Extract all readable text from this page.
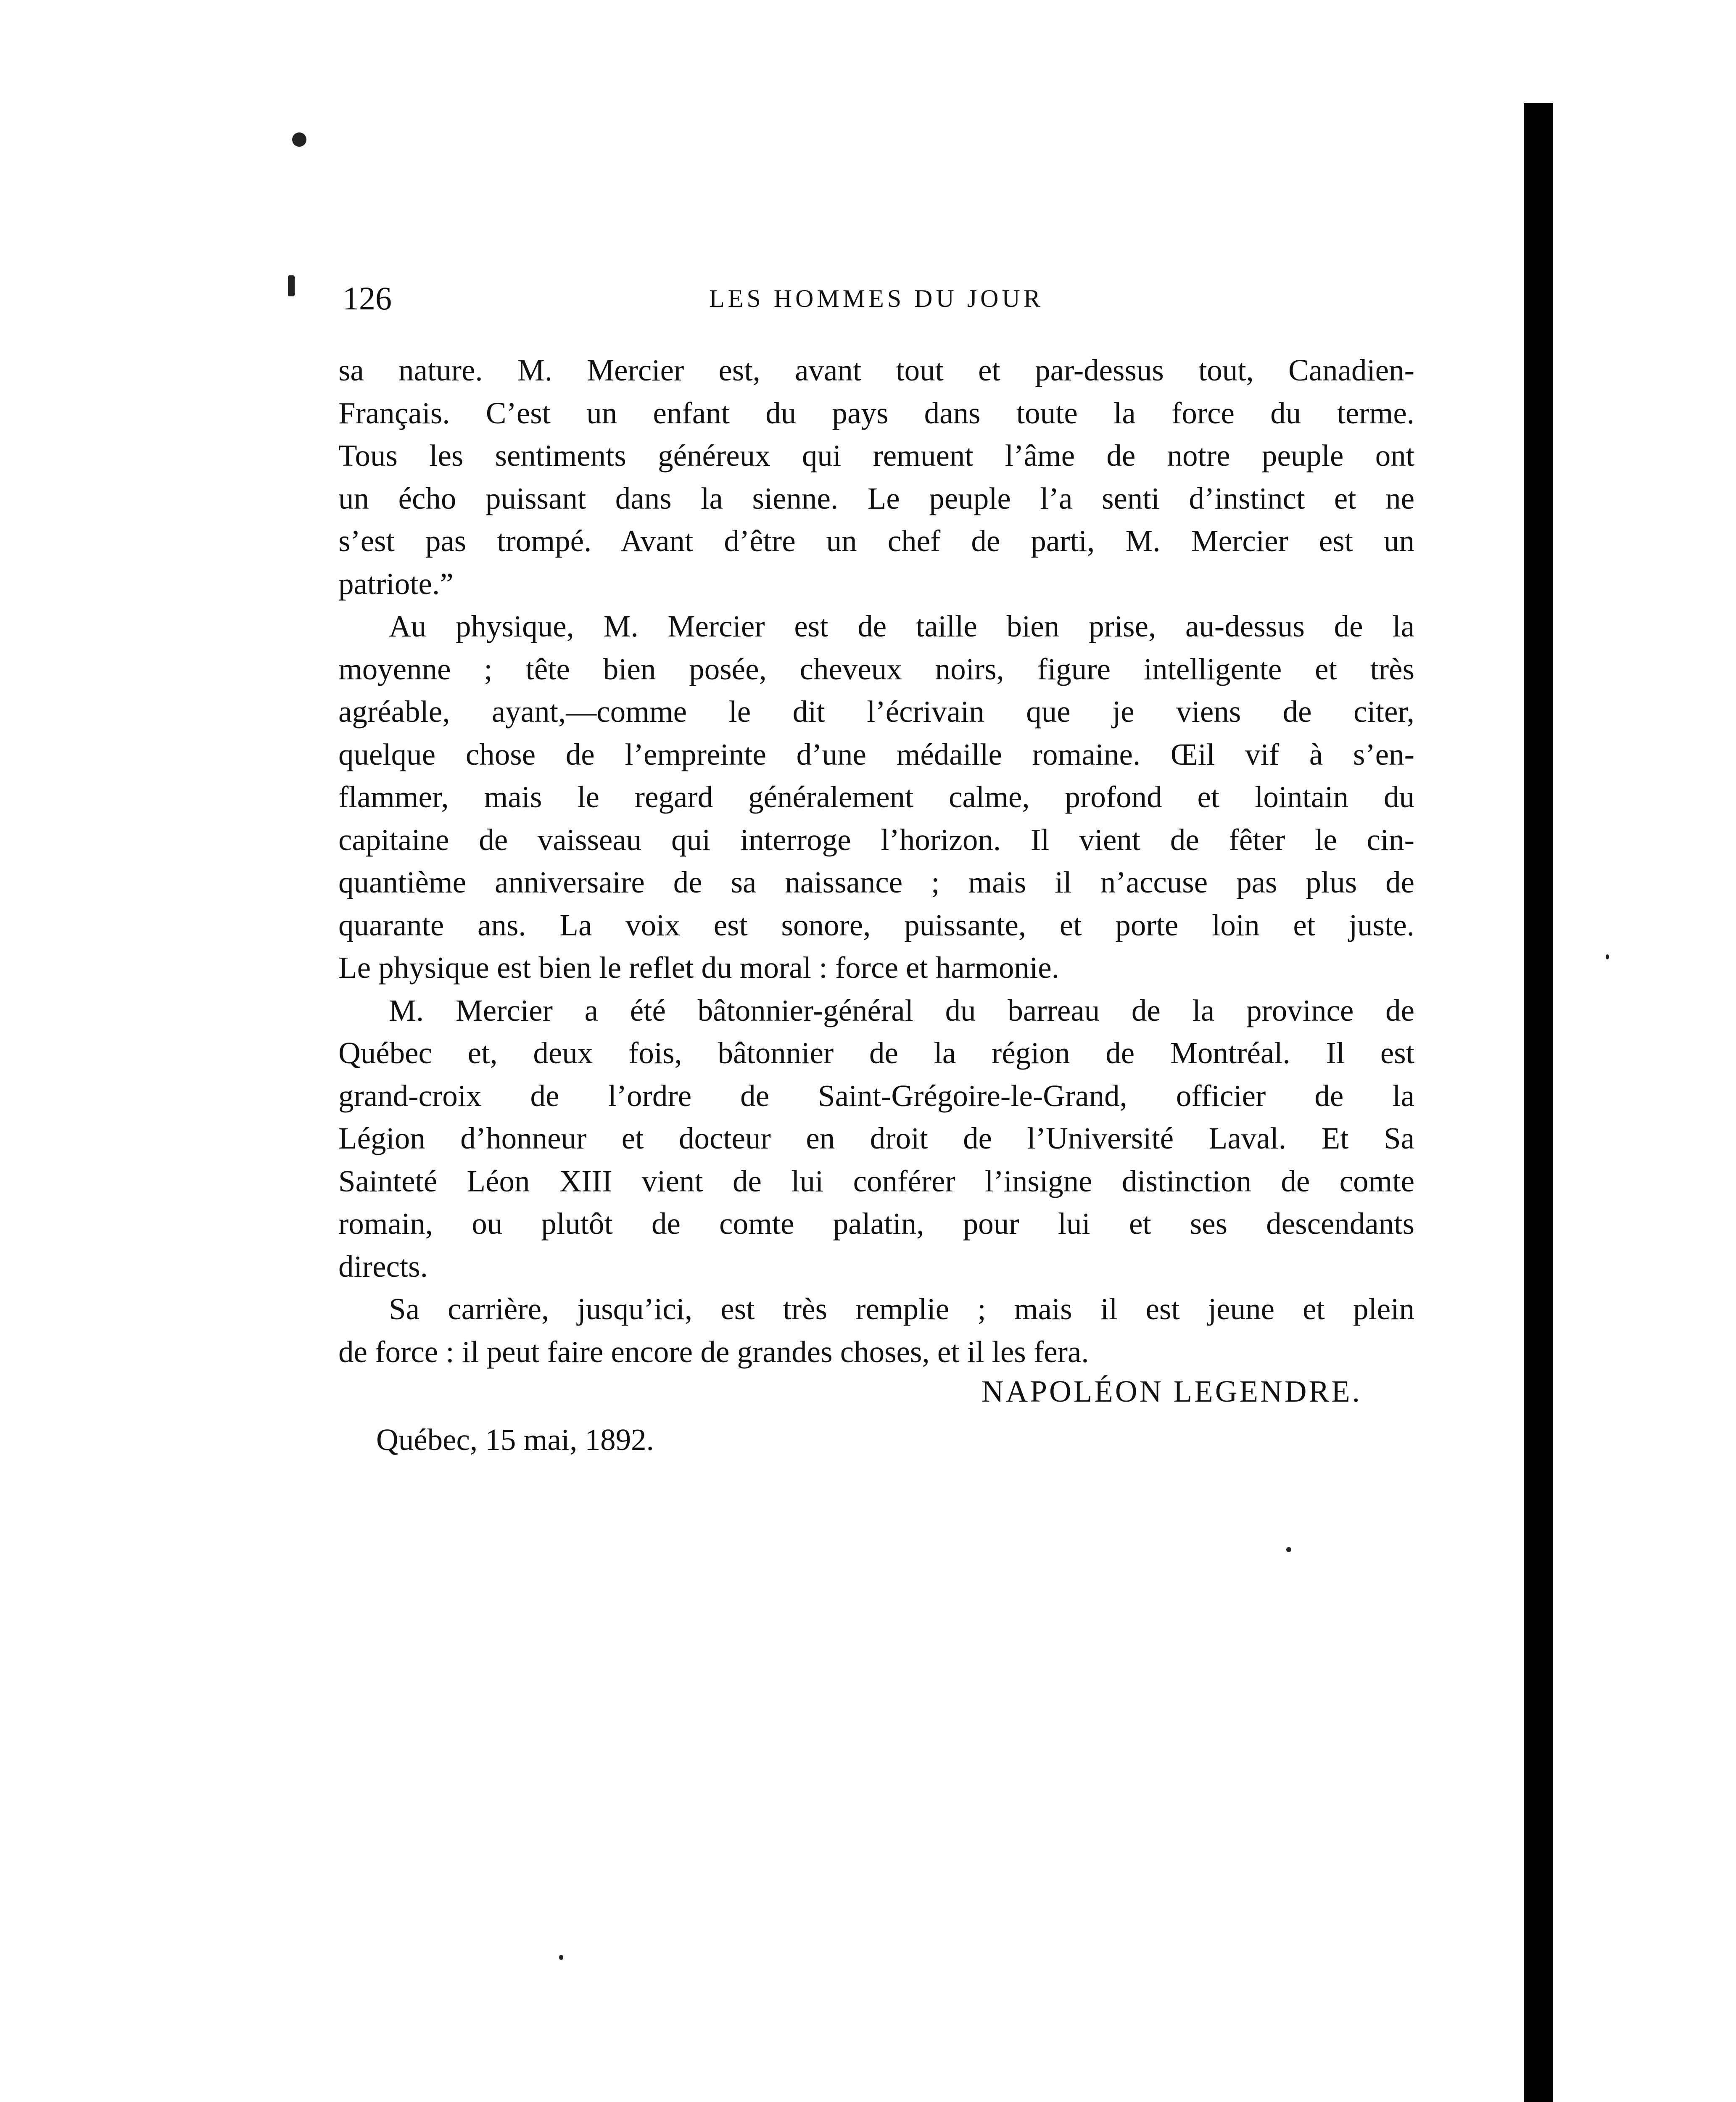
126	LES HOMMES DU JOUR

sa nature. M. Mercier est, avant tout et par-dessus tout, Canadien-
Français. C’est un enfant du pays dans toute la force du terme.
Tous les sentiments généreux qui remuent l’âme de notre peuple ont
un écho puissant dans la sienne. Le peuple l’a senti d’instinct et ne
s’est pas trompé. Avant d’être un chef de parti, M. Mercier est un
patriote.”

Au physique, M. Mercier est de taille bien prise, au-dessus de la
moyenne ; tête bien posée, cheveux noirs, figure intelligente et très
agréable, ayant,—comme le dit l’écrivain que je viens de citer,
quelque chose de l’empreinte d’une médaille romaine. Œil vif à s’en-
flammer, mais le regard généralement calme, profond et lointain du
capitaine de vaisseau qui interroge l’horizon. Il vient de fêter le cin-
quantième anniversaire de sa naissance ; mais il n’accuse pas plus de
quarante ans. La voix est sonore, puissante, et porte loin et juste.
Le physique est bien le reflet du moral : force et harmonie.

M. Mercier a été bâtonnier-général du barreau de la province de
Québec et, deux fois, bâtonnier de la région de Montréal. Il est
grand-croix de l’ordre de Saint-Grégoire-le-Grand, officier de la
Légion d’honneur et docteur en droit de l’Université Laval. Et Sa
Sainteté Léon XIII vient de lui conférer l’insigne distinction de comte
romain, ou plutôt de comte palatin, pour lui et ses descendants
directs.

Sa carrière, jusqu’ici, est très remplie ; mais il est jeune et plein
de force : il peut faire encore de grandes choses, et il les fera.

NAPOLÉON LEGENDRE.
Québec, 15 mai, 1892.
